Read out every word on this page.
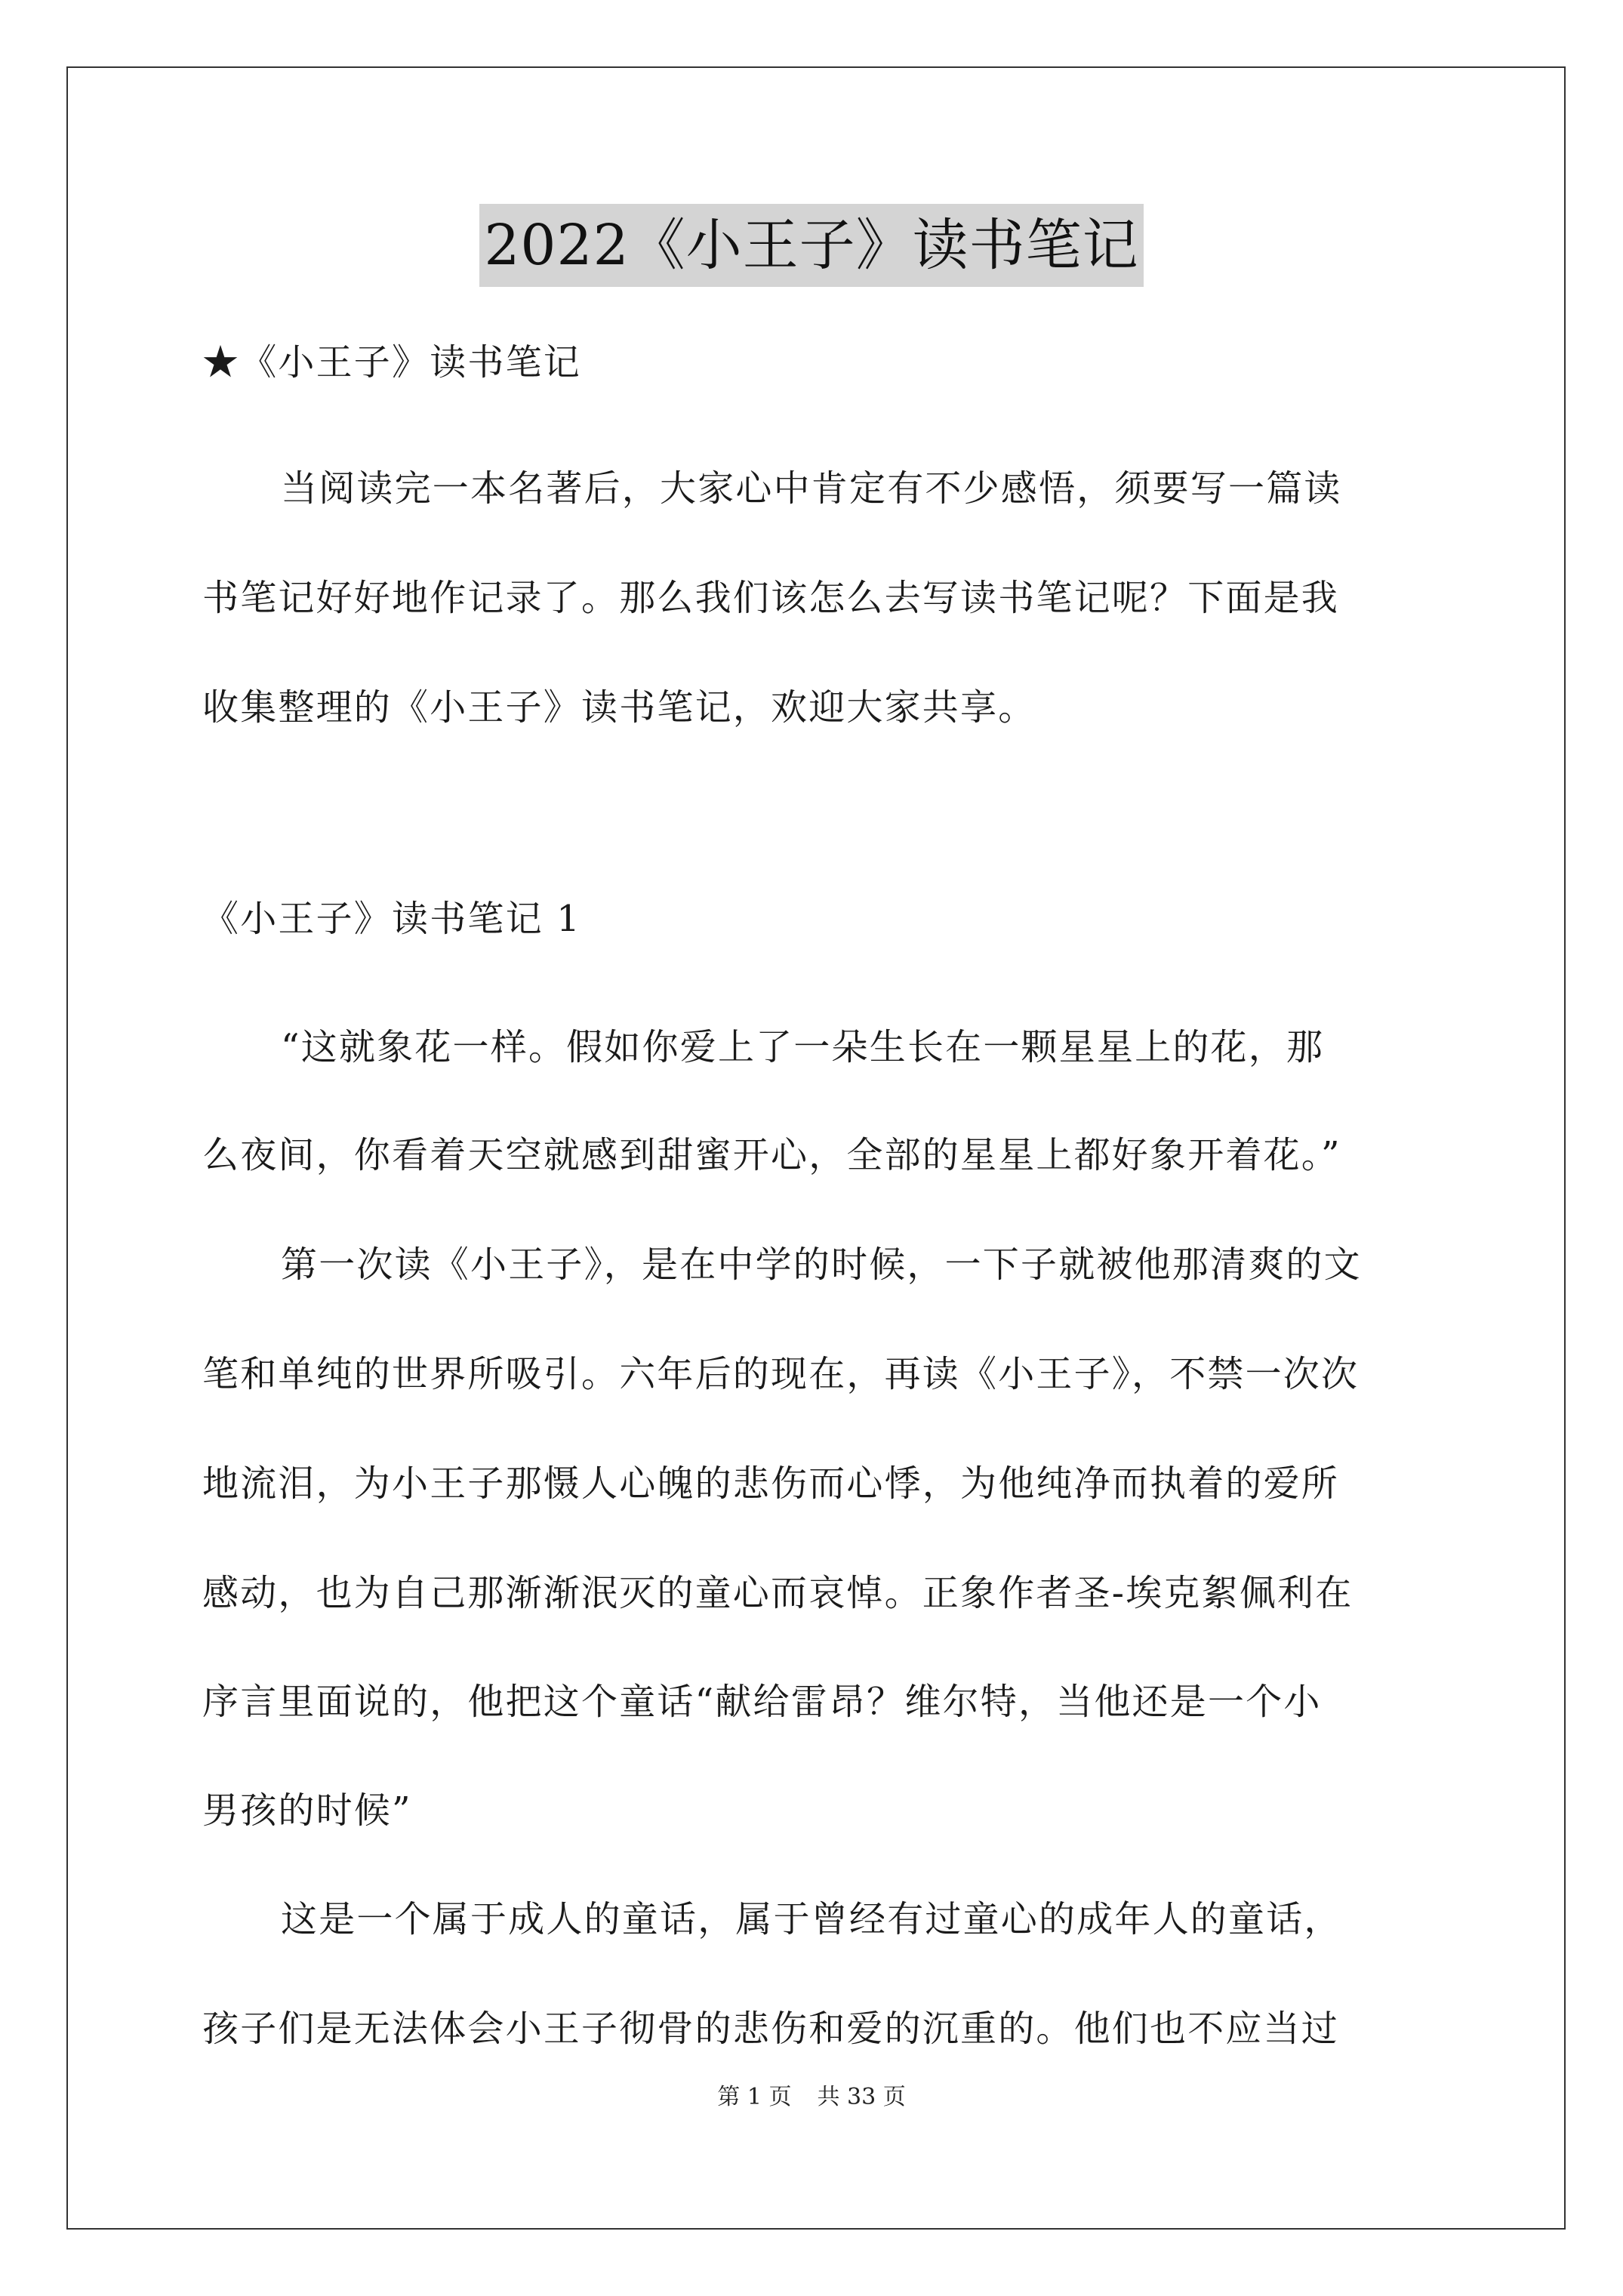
2022《小王子》读书笔记
★《小王子》读书笔记
当阅读完一本名著后，大家心中肯定有不少感悟，须要写一篇读
书笔记好好地作记录了。那么我们该怎么去写读书笔记呢？下面是我
收集整理的《小王子》读书笔记，欢迎大家共享。
《小王子》读书笔记 1
“这就象花一样。假如你爱上了一朵生长在一颗星星上的花，那
么夜间，你看着天空就感到甜蜜开心，全部的星星上都好象开着花。”
第一次读《小王子》，是在中学的时候，一下子就被他那清爽的文
笔和单纯的世界所吸引。六年后的现在，再读《小王子》，不禁一次次
地流泪，为小王子那慑人心魄的悲伤而心悸，为他纯净而执着的爱所
感动，也为自己那渐渐泯灭的童心而哀悼。正象作者圣-埃克絮佩利在
序言里面说的，他把这个童话“献给雷昂？维尔特，当他还是一个小
男孩的时候”
这是一个属于成人的童话，属于曾经有过童心的成年人的童话，
孩子们是无法体会小王子彻骨的悲伤和爱的沉重的。他们也不应当过
第 1 页 共 33 页
